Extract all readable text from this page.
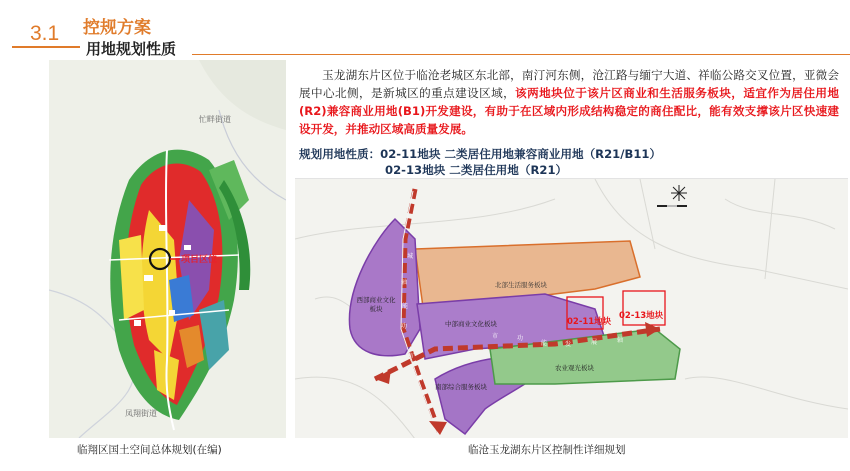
3.1 控规方案
用地规划性质

玉龙湖东片区位于临沧老城区东北部，南汀河东侧，沧江路与缅宁大道、祥临公路交叉位置，亚微会展中心北侧，是新城区的重点建设区域，该两地块位于该片区商业和生活服务板块，适宜作为居住用地(R2)兼容商业用地(B1)开发建设，有助于在区域内形成结构稳定的商住配比，能有效支撑该片区快速建设开发，并推动区域高质量发展。

规划用地性质：02-11地块 二类居住用地兼容商业用地（R21/B11）
02-13地块 二类居住用地（R21）
忙畔街道
凤翔街道
项目区位
临翔区国土空间总体规划(在编)
北部生活服务板块
西部商业文化板块
中部商业文化板块
南部综合服务板块
农业观光板块
02-11地块
02-13地块
城
市	功
能	发	展	轴
轴
能
功
市
城
临沧玉龙湖东片区控制性详细规划
